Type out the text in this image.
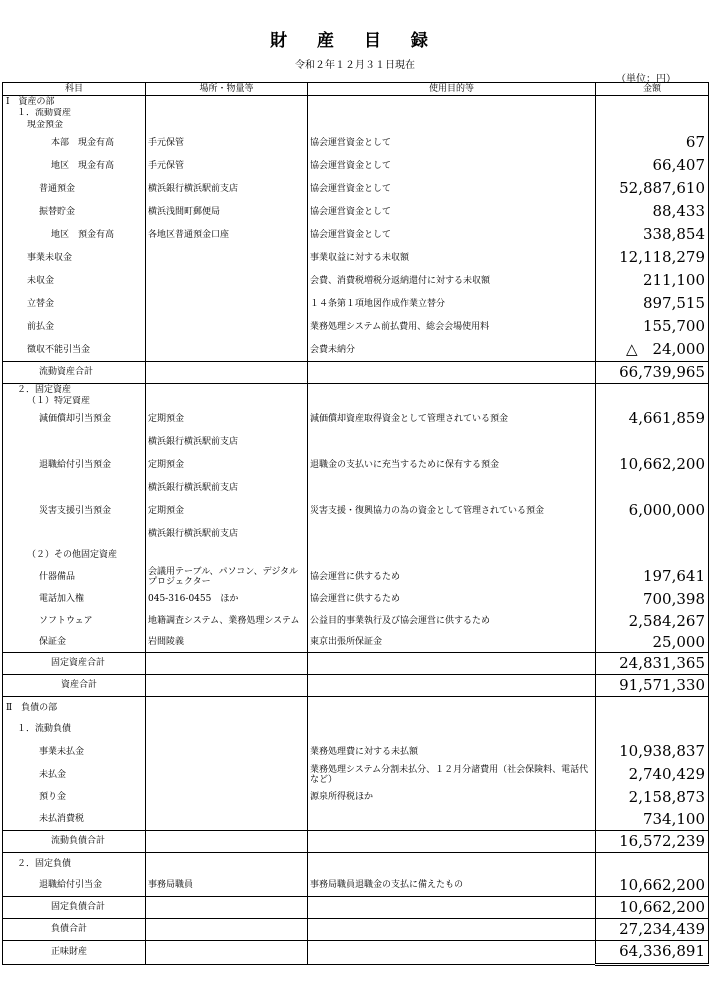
財 産 目 録
令和２年１２月３１日現在
（単位：円）
科目	場所・物量等	使用目的等	金額
Ⅰ　資産の部			
１．流動資産			
現金預金			
本部　現金有高	手元保管	協会運営資金として	67
地区　現金有高	手元保管	協会運営資金として	66,407
普通預金	横浜銀行横浜駅前支店	協会運営資金として	52,887,610
振替貯金	横浜浅間町郵便局	協会運営資金として	88,433
地区　預金有高	各地区普通預金口座	協会運営資金として	338,854
事業未収金		事業収益に対する未収額	12,118,279
未収金		会費、消費税増税分返納還付に対する未収額	211,100
立替金		１４条第１項地図作成作業立替分	897,515
前払金		業務処理システム前払費用、総会会場使用料	155,700
徴収不能引当金		会費未納分	△　24,000
流動資産合計			66,739,965
２．固定資産			
（１）特定資産			
減価償却引当預金	定期預金	減価償却資産取得資金として管理されている預金	4,661,859
	横浜銀行横浜駅前支店		
退職給付引当預金	定期預金	退職金の支払いに充当するために保有する預金	10,662,200
	横浜銀行横浜駅前支店		
災害支援引当預金	定期預金	災害支援・復興協力の為の資金として管理されている預金	6,000,000
	横浜銀行横浜駅前支店		
（２）その他固定資産			
什器備品	会議用テーブル、パソコン、デジタルプロジェクター	協会運営に供するため	197,641
電話加入権	045-316-0455　ほか	協会運営に供するため	700,398
ソフトウェア	地籍調査システム、業務処理システム	公益目的事業執行及び協会運営に供するため	2,584,267
保証金	岩間陵義	東京出張所保証金	25,000
固定資産合計			24,831,365
資産合計			91,571,330
Ⅱ　負債の部			
１．流動負債			
事業未払金		業務処理費に対する未払額	10,938,837
未払金		業務処理システム分割未払分、１２月分諸費用（社会保険料、電話代など）	2,740,429
預り金		源泉所得税ほか	2,158,873
未払消費税			734,100
流動負債合計			16,572,239
２．固定負債			
退職給付引当金	事務局職員	事務局職員退職金の支払に備えたもの	10,662,200
固定負債合計			10,662,200
負債合計			27,234,439
正味財産			64,336,891
